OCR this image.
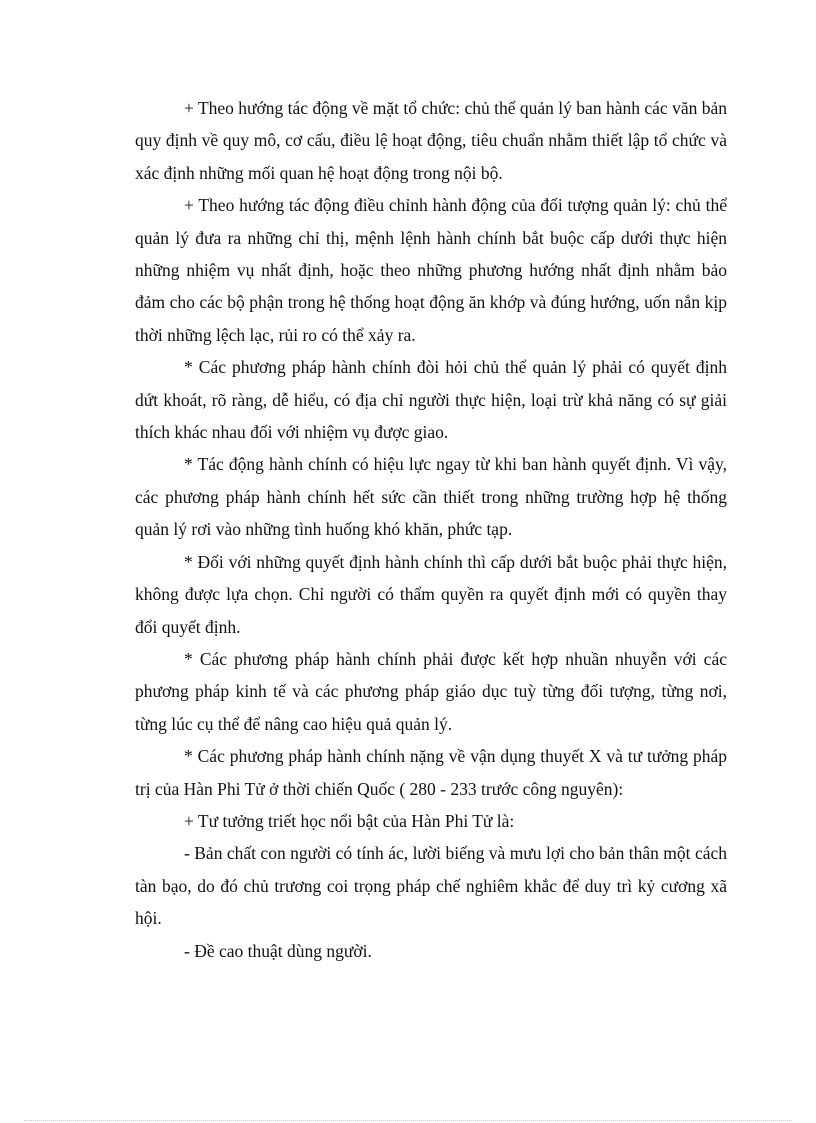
+ Theo hướng tác động về mặt tổ chức: chủ thể quản lý ban hành các văn bản quy định về quy mô, cơ cấu, điều lệ hoạt động, tiêu chuẩn nhằm thiết lập tổ chức và xác định những mối quan hệ hoạt động trong nội bộ.

+ Theo hướng tác động điều chỉnh hành động của đối tượng quản lý: chủ thể quản lý đưa ra những chỉ thị, mệnh lệnh hành chính bắt buộc cấp dưới thực hiện những nhiệm vụ nhất định, hoặc theo những phương hướng nhất định nhằm bảo đảm cho các bộ phận trong hệ thống hoạt động ăn khớp và đúng hướng, uốn nắn kịp thời những lệch lạc, rủi ro có thể xảy ra.

* Các phương pháp hành chính đòi hỏi chủ thể quản lý phải có quyết định dứt khoát, rõ ràng, dễ hiểu, có địa chỉ người thực hiện, loại trừ khả năng có sự giải thích khác nhau đối với nhiệm vụ được giao.

* Tác động hành chính có hiệu lực ngay từ khi ban hành quyết định. Vì vậy, các phương pháp hành chính hết sức cần thiết trong những trường hợp hệ thống quản lý rơi vào những tình huống khó khăn, phức tạp.

* Đối với những quyết định hành chính thì cấp dưới bắt buộc phải thực hiện, không được lựa chọn. Chỉ người có thẩm quyền ra quyết định mới có quyền thay đổi quyết định.

* Các phương pháp hành chính phải được kết hợp nhuần nhuyễn với các phương pháp kinh tế và các phương pháp giáo dục tuỳ từng đối tượng, từng nơi, từng lúc cụ thể để nâng cao hiệu quả quản lý.

* Các phương pháp hành chính nặng về vận dụng thuyết X và tư tưởng pháp trị của Hàn Phi Tử ở thời chiến Quốc ( 280 - 233 trước công nguyên):

+ Tư tưởng triết học nổi bật của Hàn Phi Tử là:

- Bản chất con người có tính ác, lười biếng và mưu lợi cho bản thân một cách tàn bạo, do đó chủ trương coi trọng pháp chế nghiêm khắc để duy trì kỷ cương xã hội.

- Đề cao thuật dùng người.
